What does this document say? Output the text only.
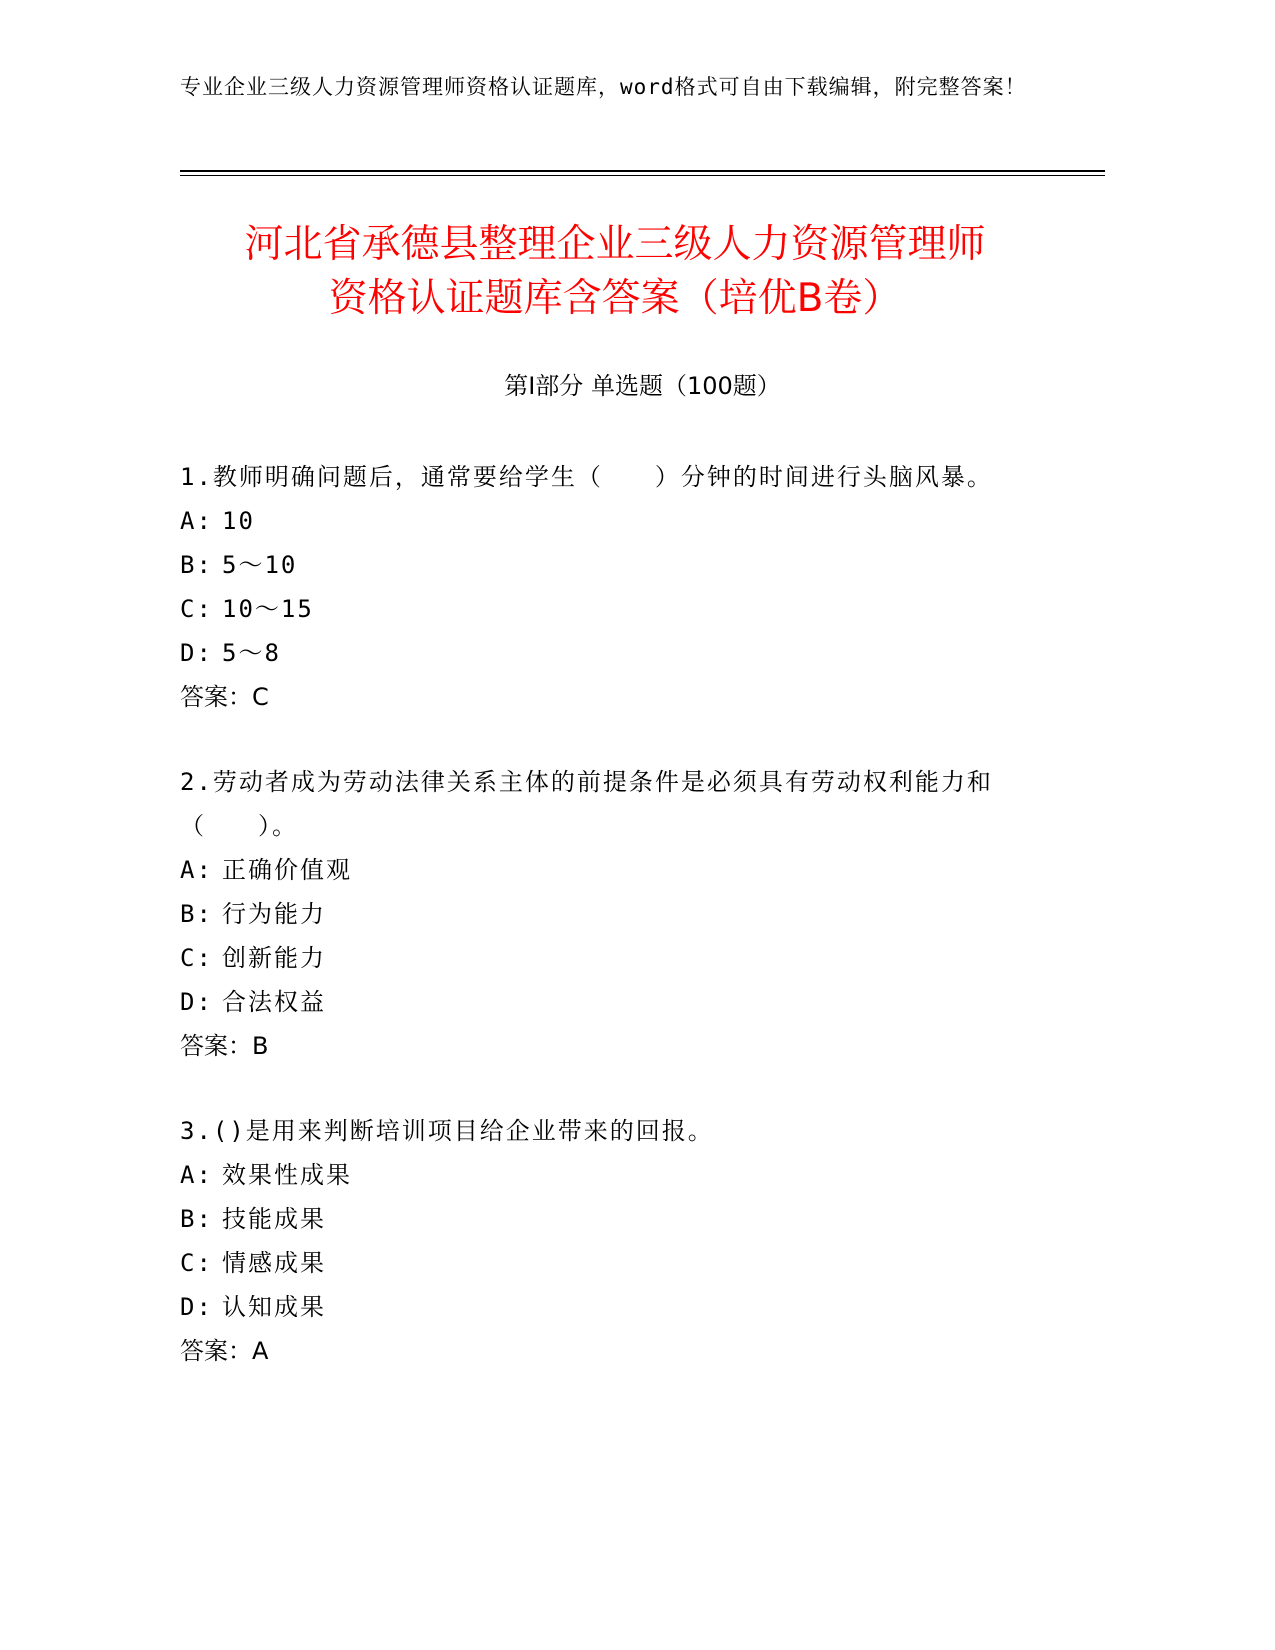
专业企业三级人力资源管理师资格认证题库，word格式可自由下载编辑，附完整答案！
河北省承德县整理企业三级人力资源管理师
资格认证题库含答案（培优B卷）
第Ⅰ部分 单选题（100题）

1.教师明确问题后，通常要给学生（　　）分钟的时间进行头脑风暴。

A: 10

B: 5～10

C: 10～15

D: 5～8

答案：C

2.劳动者成为劳动法律关系主体的前提条件是必须具有劳动权利能力和（　　）。

A: 正确价值观

B: 行为能力

C: 创新能力

D: 合法权益

答案：B

3.()是用来判断培训项目给企业带来的回报。

A: 效果性成果

B: 技能成果

C: 情感成果

D: 认知成果

答案：A
